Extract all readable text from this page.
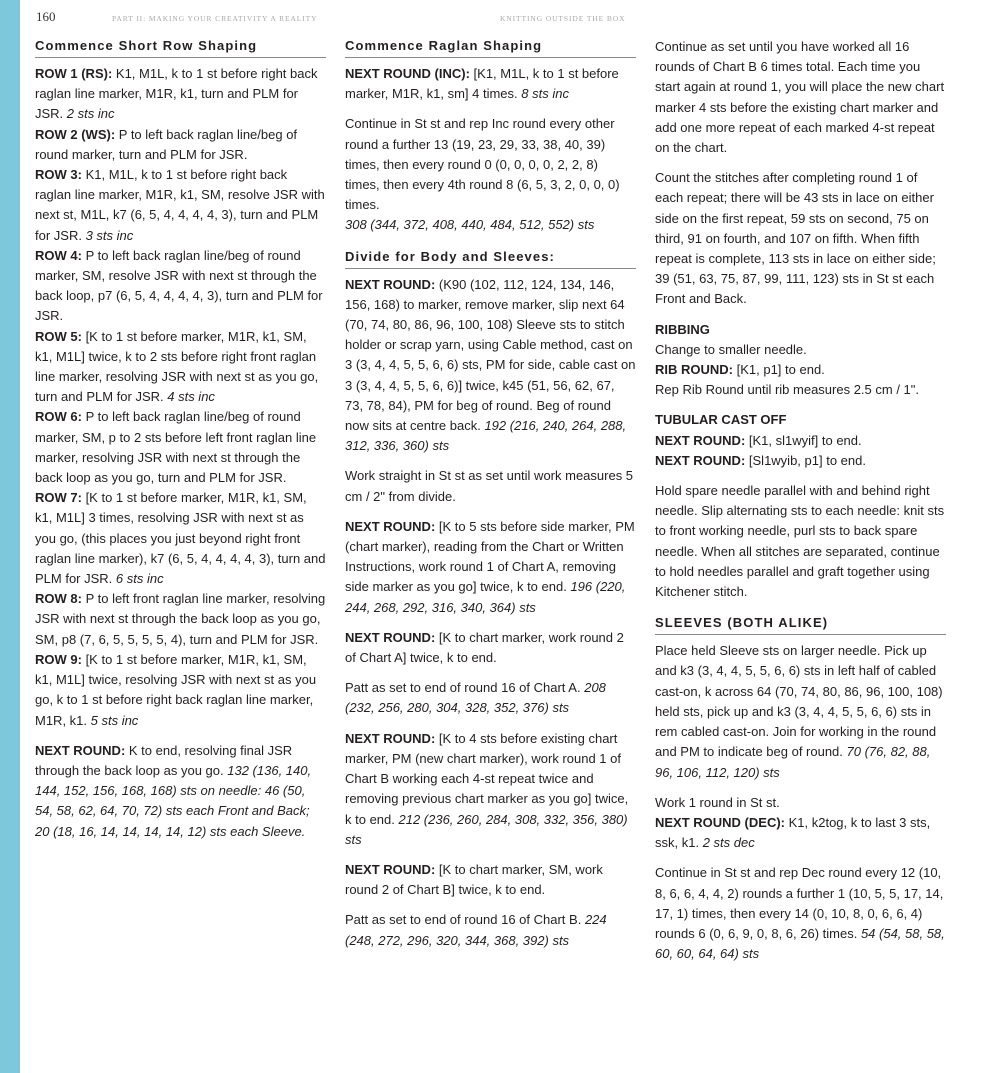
160	PART II: MAKING YOUR CREATIVITY A REALITY	KNITTING OUTSIDE THE BOX
Commence Short Row Shaping

ROW 1 (RS): K1, M1L, k to 1 st before right back raglan line marker, M1R, k1, turn and PLM for JSR. 2 sts inc

ROW 2 (WS): P to left back raglan line/beg of round marker, turn and PLM for JSR.

ROW 3: K1, M1L, k to 1 st before right back raglan line marker, M1R, k1, SM, resolve JSR with next st, M1L, k7 (6, 5, 4, 4, 4, 4, 3), turn and PLM for JSR. 3 sts inc

ROW 4: P to left back raglan line/beg of round marker, SM, resolve JSR with next st through the back loop, p7 (6, 5, 4, 4, 4, 4, 3), turn and PLM for JSR.

ROW 5: [K to 1 st before marker, M1R, k1, SM, k1, M1L] twice, k to 2 sts before right front raglan line marker, resolving JSR with next st as you go, turn and PLM for JSR. 4 sts inc

ROW 6: P to left back raglan line/beg of round marker, SM, p to 2 sts before left front raglan line marker, resolving JSR with next st through the back loop as you go, turn and PLM for JSR.

ROW 7: [K to 1 st before marker, M1R, k1, SM, k1, M1L] 3 times, resolving JSR with next st as you go, (this places you just beyond right front raglan line marker), k7 (6, 5, 4, 4, 4, 4, 3), turn and PLM for JSR. 6 sts inc

ROW 8: P to left front raglan line marker, resolving JSR with next st through the back loop as you go, SM, p8 (7, 6, 5, 5, 5, 5, 4), turn and PLM for JSR.

ROW 9: [K to 1 st before marker, M1R, k1, SM, k1, M1L] twice, resolving JSR with next st as you go, k to 1 st before right back raglan line marker, M1R, k1. 5 sts inc

NEXT ROUND: K to end, resolving final JSR through the back loop as you go. 132 (136, 140, 144, 152, 156, 168, 168) sts on needle: 46 (50, 54, 58, 62, 64, 70, 72) sts each Front and Back; 20 (18, 16, 14, 14, 14, 14, 12) sts each Sleeve.

Commence Raglan Shaping

NEXT ROUND (INC): [K1, M1L, k to 1 st before marker, M1R, k1, sm] 4 times. 8 sts inc

Continue in St st and rep Inc round every other round a further 13 (19, 23, 29, 33, 38, 40, 39) times, then every round 0 (0, 0, 0, 0, 2, 2, 8) times, then every 4th round 8 (6, 5, 3, 2, 0, 0, 0) times.
308 (344, 372, 408, 440, 484, 512, 552) sts

Divide for Body and Sleeves:

NEXT ROUND: (K90 (102, 112, 124, 134, 146, 156, 168) to marker, remove marker, slip next 64 (70, 74, 80, 86, 96, 100, 108) Sleeve sts to stitch holder or scrap yarn, using Cable method, cast on 3 (3, 4, 4, 5, 5, 6, 6) sts, PM for side, cable cast on 3 (3, 4, 4, 5, 5, 6, 6)] twice, k45 (51, 56, 62, 67, 73, 78, 84), PM for beg of round. Beg of round now sits at centre back. 192 (216, 240, 264, 288, 312, 336, 360) sts

Work straight in St st as set until work measures 5 cm / 2" from divide.

NEXT ROUND: [K to 5 sts before side marker, PM (chart marker), reading from the Chart or Written Instructions, work round 1 of Chart A, removing side marker as you go] twice, k to end. 196 (220, 244, 268, 292, 316, 340, 364) sts

NEXT ROUND: [K to chart marker, work round 2 of Chart A] twice, k to end.

Patt as set to end of round 16 of Chart A. 208 (232, 256, 280, 304, 328, 352, 376) sts

NEXT ROUND: [K to 4 sts before existing chart marker, PM (new chart marker), work round 1 of Chart B working each 4-st repeat twice and removing previous chart marker as you go] twice, k to end. 212 (236, 260, 284, 308, 332, 356, 380) sts

NEXT ROUND: [K to chart marker, SM, work round 2 of Chart B] twice, k to end.

Patt as set to end of round 16 of Chart B. 224 (248, 272, 296, 320, 344, 368, 392) sts

Continue as set until you have worked all 16 rounds of Chart B 6 times total. Each time you start again at round 1, you will place the new chart marker 4 sts before the existing chart marker and add one more repeat of each marked 4-st repeat on the chart.

Count the stitches after completing round 1 of each repeat; there will be 43 sts in lace on either side on the first repeat, 59 sts on second, 75 on third, 91 on fourth, and 107 on fifth. When fifth repeat is complete, 113 sts in lace on either side; 39 (51, 63, 75, 87, 99, 111, 123) sts in St st each Front and Back.

RIBBING

Change to smaller needle.

RIB ROUND: [K1, p1] to end.

Rep Rib Round until rib measures 2.5 cm / 1".

TUBULAR CAST OFF

NEXT ROUND: [K1, sl1wyif] to end.

NEXT ROUND: [Sl1wyib, p1] to end.

Hold spare needle parallel with and behind right needle. Slip alternating sts to each needle: knit sts to front working needle, purl sts to back spare needle. When all stitches are separated, continue to hold needles parallel and graft together using Kitchener stitch.

SLEEVES (BOTH ALIKE)

Place held Sleeve sts on larger needle. Pick up and k3 (3, 4, 4, 5, 5, 6, 6) sts in left half of cabled cast-on, k across 64 (70, 74, 80, 86, 96, 100, 108) held sts, pick up and k3 (3, 4, 4, 5, 5, 6, 6) sts in rem cabled cast-on. Join for working in the round and PM to indicate beg of round. 70 (76, 82, 88, 96, 106, 112, 120) sts

Work 1 round in St st.

NEXT ROUND (DEC): K1, k2tog, k to last 3 sts, ssk, k1. 2 sts dec

Continue in St st and rep Dec round every 12 (10, 8, 6, 6, 4, 4, 2) rounds a further 1 (10, 5, 5, 17, 14, 17, 1) times, then every 14 (0, 10, 8, 0, 6, 6, 4) rounds 6 (0, 6, 9, 0, 8, 6, 26) times. 54 (54, 58, 58, 60, 60, 64, 64) sts
